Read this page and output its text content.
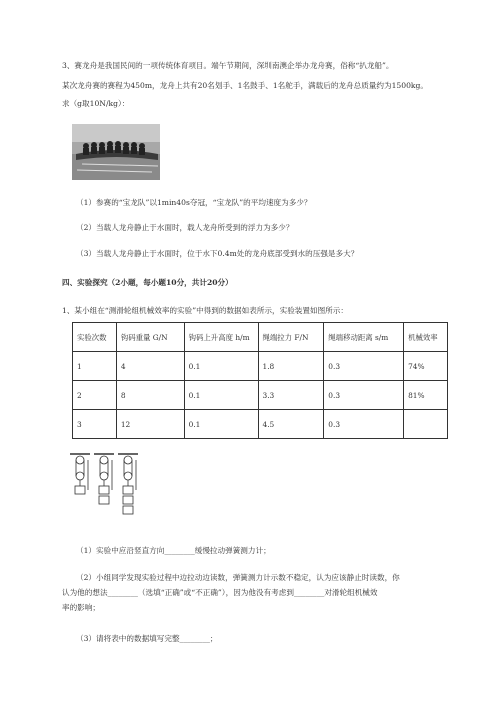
3、赛龙舟是我国民间的一项传统体育项目。端午节期间，深圳南澳企举办龙舟赛，俗称“扒龙船”。
某次龙舟赛的赛程为450m，龙舟上共有20名划手、1名鼓手、1名舵手，满载后的龙舟总质量约为1500kg。
求（g取10N/kg）：
（1）参赛的“宝龙队”以1min40s夺冠，“宝龙队”的平均速度为多少？
（2）当载人龙舟静止于水面时，载人龙舟所受到的浮力为多少？
（3）当载人龙舟静止于水面时，位于水下0.4m处的龙舟底部受到水的压强是多大？
四、实验探究（2小题，每小题10分，共计20分）
1、某小组在“测滑轮组机械效率的实验”中得到的数据如表所示，实验装置如图所示：
实验次数	钩码重量 G/N	钩码上升高度 h/m	绳端拉力 F/N	绳端移动距离 s/m	机械效率
1	4	0.1	1.8	0.3	74%
2	8	0.1	3.3	0.3	81%
3	12	0.1	4.5	0.3	
（1）实验中应沿竖直方向________缓慢拉动弹簧测力计；
（2）小组同学发现实验过程中边拉动边读数，弹簧测力计示数不稳定，认为应该静止时读数，你
认为他的想法________（选填“正确”或“不正确”），因为他没有考虑到________对滑轮组机械效
率的影响；
（3）请将表中的数据填写完整________；
